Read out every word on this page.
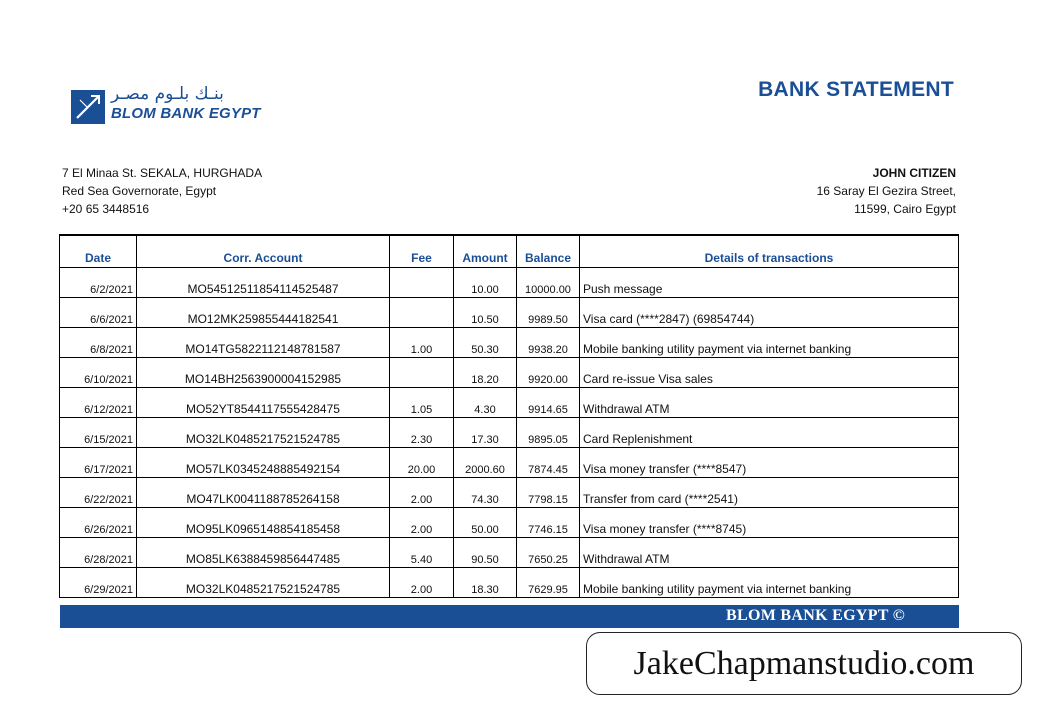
بنـك بلـوم مصـر
BLOM BANK EGYPT
BANK STATEMENT
7 El Minaa St. SEKALA, HURGHADA
Red Sea Governorate, Egypt
+20 65 3448516
JOHN CITIZEN
16 Saray El Gezira Street,
11599, Cairo Egypt
Date	Corr. Account	Fee	Amount	Balance	Details of transactions
6/2/2021	MO54512511854114525487		10.00	10000.00	Push message
6/6/2021	MO12MK259855444182541		10.50	9989.50	Visa card (****2847) (69854744)
6/8/2021	MO14TG5822112148781587	1.00	50.30	9938.20	Mobile banking utility payment via internet banking
6/10/2021	MO14BH2563900004152985		18.20	9920.00	Card re-issue Visa sales
6/12/2021	MO52YT8544117555428475	1.05	4.30	9914.65	Withdrawal ATM
6/15/2021	MO32LK0485217521524785	2.30	17.30	9895.05	Card Replenishment
6/17/2021	MO57LK0345248885492154	20.00	2000.60	7874.45	Visa money transfer (****8547)
6/22/2021	MO47LK0041188785264158	2.00	74.30	7798.15	Transfer from card (****2541)
6/26/2021	MO95LK0965148854185458	2.00	50.00	7746.15	Visa money transfer (****8745)
6/28/2021	MO85LK6388459856447485	5.40	90.50	7650.25	Withdrawal ATM
6/29/2021	MO32LK0485217521524785	2.00	18.30	7629.95	Mobile banking utility payment via internet banking
BLOM BANK EGYPT ©
JakeChapmanstudio.com
